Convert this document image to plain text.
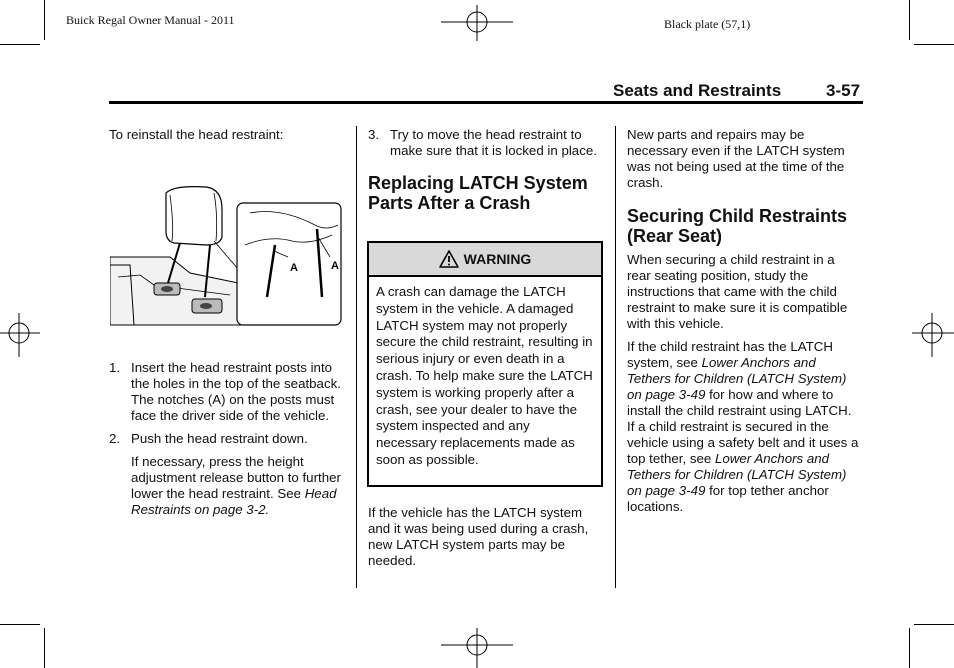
Buick Regal Owner Manual - 2011	Black plate (57,1)
Seats and Restraints	3-57

To reinstall the head restraint:

A	A
1. Insert the head restraint posts into the holes in the top of the seatback. The notches (A) on the posts must face the driver side of the vehicle.
2. Push the head restraint down.
If necessary, press the height adjustment release button to further lower the head restraint. See Head Restraints on page 3-2.
3. Try to move the head restraint to make sure that it is locked in place.
Replacing LATCH System Parts After a Crash
WARNING
A crash can damage the LATCH system in the vehicle. A damaged LATCH system may not properly secure the child restraint, resulting in serious injury or even death in a crash. To help make sure the LATCH system is working properly after a crash, see your dealer to have the system inspected and any necessary replacements made as soon as possible.

If the vehicle has the LATCH system and it was being used during a crash, new LATCH system parts may be needed.

New parts and repairs may be necessary even if the LATCH system was not being used at the time of the crash.

Securing Child Restraints (Rear Seat)

When securing a child restraint in a rear seating position, study the instructions that came with the child restraint to make sure it is compatible with this vehicle.

If the child restraint has the LATCH system, see Lower Anchors and Tethers for Children (LATCH System) on page 3-49 for how and where to install the child restraint using LATCH. If a child restraint is secured in the vehicle using a safety belt and it uses a top tether, see Lower Anchors and Tethers for Children (LATCH System) on page 3-49 for top tether anchor locations.
